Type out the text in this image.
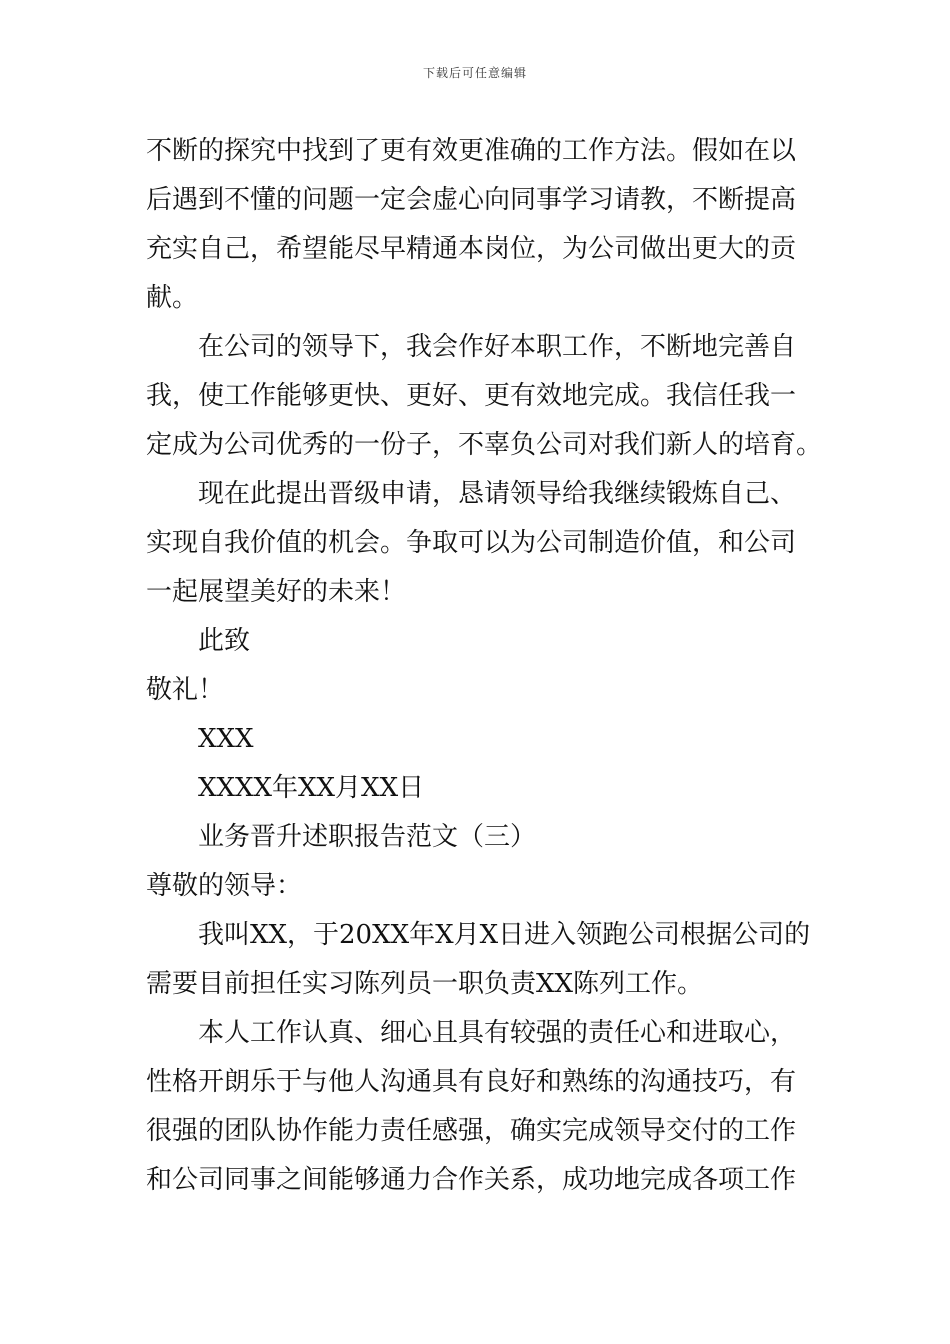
下载后可任意编辑
不断的探究中找到了更有效更准确的工作方法。假如在以
后遇到不懂的问题一定会虚心向同事学习请教，不断提高
充实自己，希望能尽早精通本岗位，为公司做出更大的贡
献。
在公司的领导下，我会作好本职工作，不断地完善自
我，使工作能够更快、更好、更有效地完成。我信任我一
定成为公司优秀的一份子，不辜负公司对我们新人的培育。
现在此提出晋级申请，恳请领导给我继续锻炼自己、
实现自我价值的机会。争取可以为公司制造价值，和公司
一起展望美好的未来！
此致
敬礼！
XXX
XXXX年XX月XX日
业务晋升述职报告范文（三）
尊敬的领导：
我叫XX，于20XX年X月X日进入领跑公司根据公司的
需要目前担任实习陈列员一职负责XX陈列工作。
本人工作认真、细心且具有较强的责任心和进取心，
性格开朗乐于与他人沟通具有良好和熟练的沟通技巧，有
很强的团队协作能力责任感强，确实完成领导交付的工作
和公司同事之间能够通力合作关系，成功地完成各项工作
